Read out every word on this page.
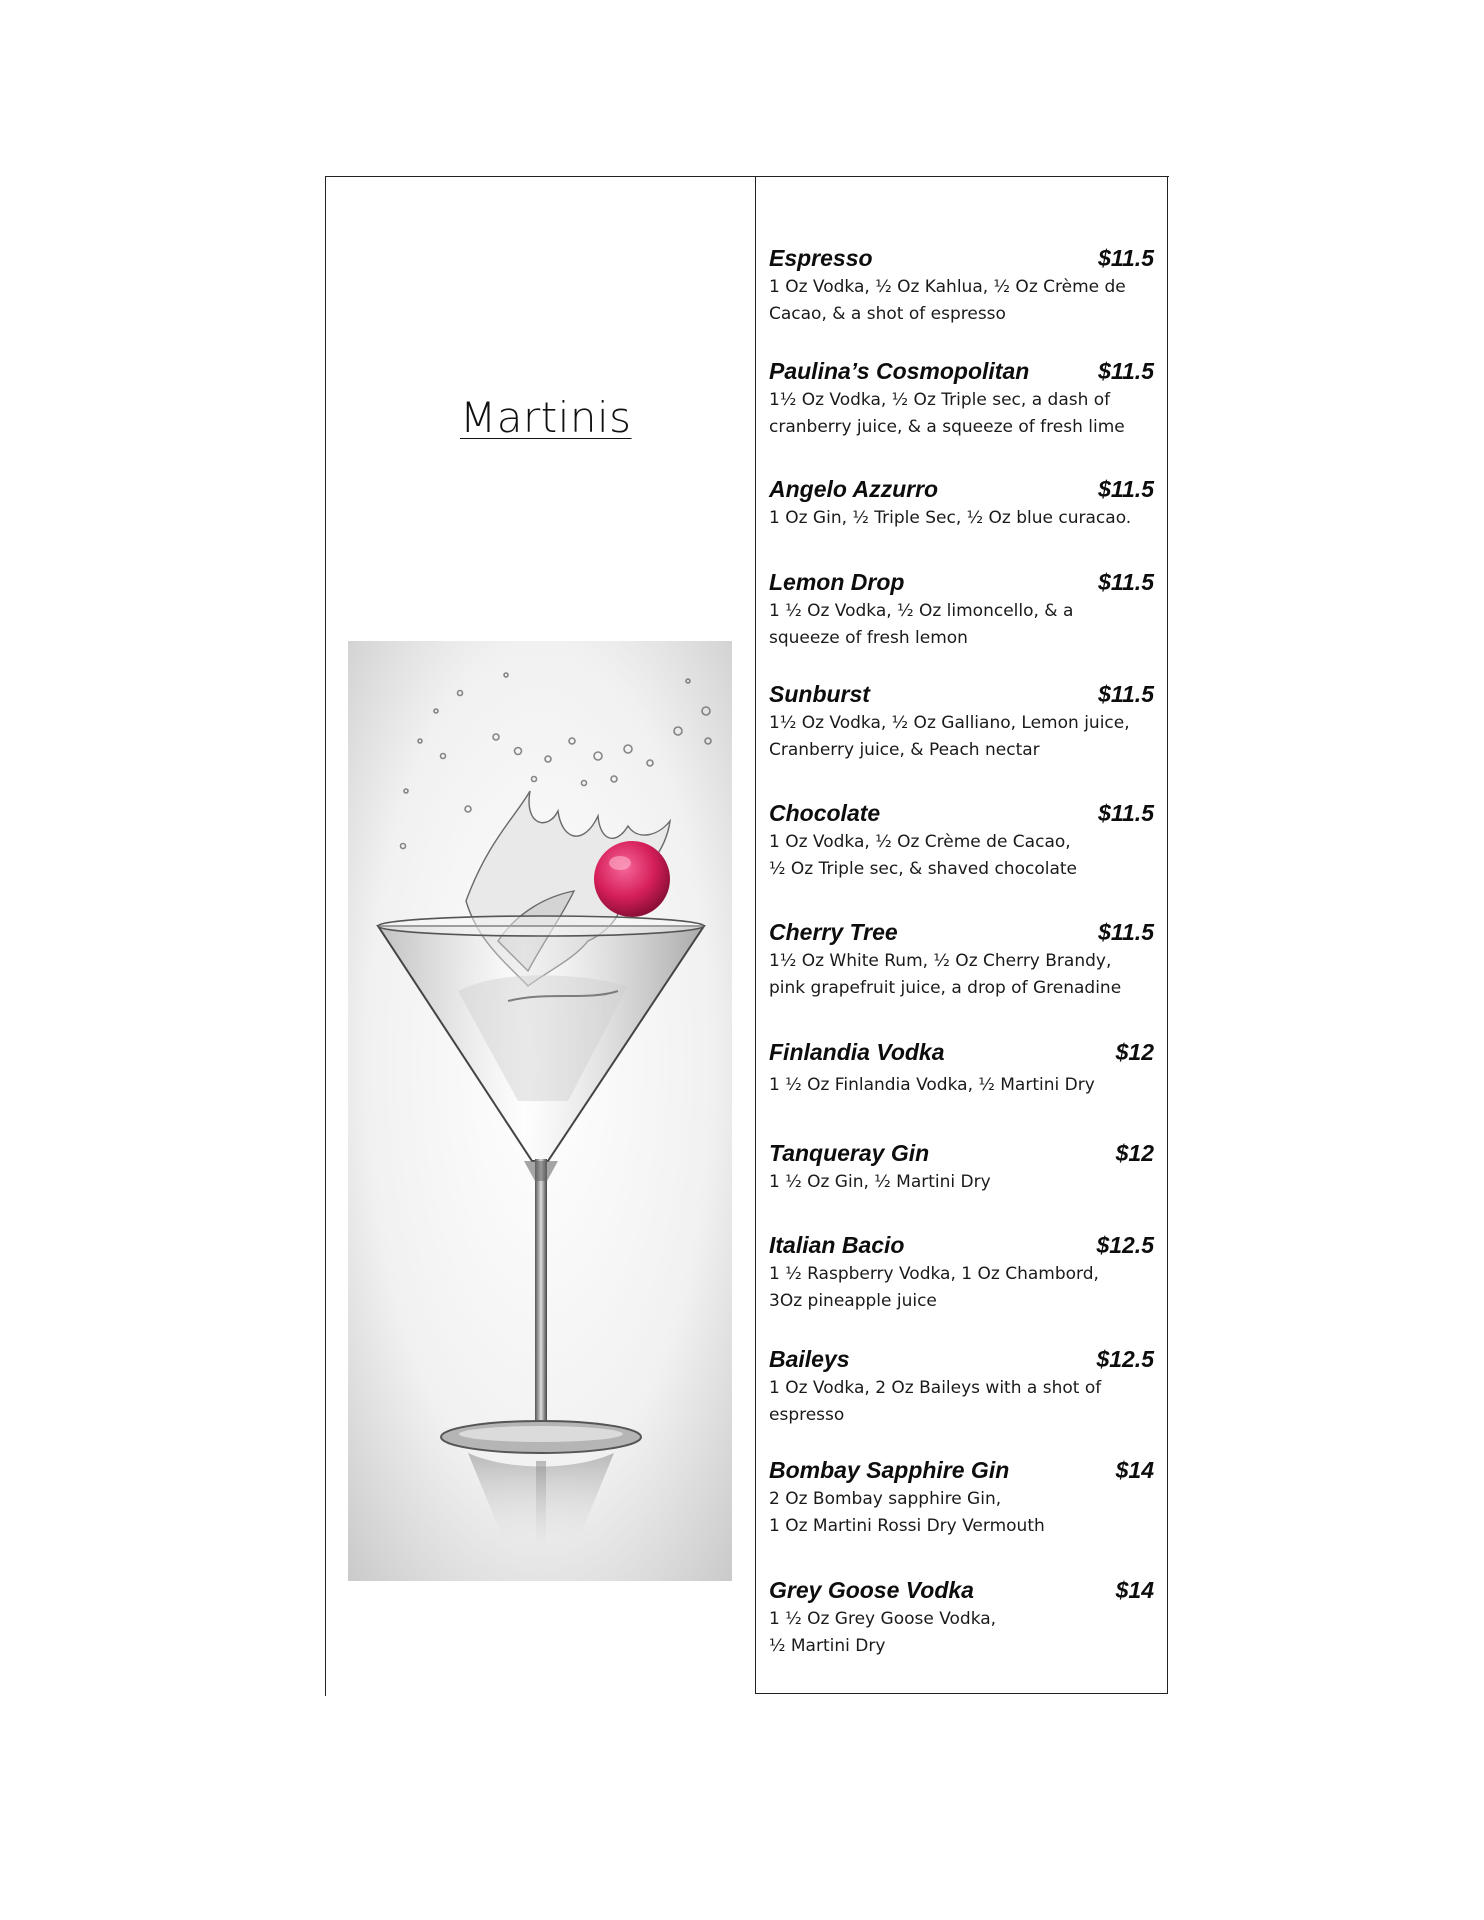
Martinis
Espresso	$11.5
1 Oz Vodka, ½ Oz Kahlua, ½ Oz Crème de
Cacao, & a shot of espresso
Paulina’s Cosmopolitan	$11.5
1½ Oz Vodka, ½ Oz Triple sec, a dash of
cranberry juice, & a squeeze of fresh lime
Angelo Azzurro	$11.5
1 Oz Gin, ½ Triple Sec, ½ Oz blue curacao.
Lemon Drop	$11.5
1 ½ Oz Vodka, ½ Oz limoncello, & a
squeeze of fresh lemon
Sunburst	$11.5
1½ Oz Vodka, ½ Oz Galliano, Lemon juice,
Cranberry juice, & Peach nectar
Chocolate	$11.5
1 Oz Vodka, ½ Oz Crème de Cacao,
½ Oz Triple sec, & shaved chocolate
Cherry Tree	$11.5
1½ Oz White Rum, ½ Oz Cherry Brandy,
pink grapefruit juice, a drop of Grenadine
Finlandia Vodka	$12
1 ½ Oz Finlandia Vodka, ½ Martini Dry
Tanqueray Gin	$12
1 ½ Oz Gin, ½ Martini Dry
Italian Bacio	$12.5
1 ½ Raspberry Vodka, 1 Oz Chambord,
3Oz pineapple juice
Baileys	$12.5
1 Oz Vodka, 2 Oz Baileys with a shot of
espresso
Bombay Sapphire Gin	$14
2 Oz Bombay sapphire Gin,
1 Oz Martini Rossi Dry Vermouth
Grey Goose Vodka	$14
1 ½ Oz Grey Goose Vodka,
½ Martini Dry
